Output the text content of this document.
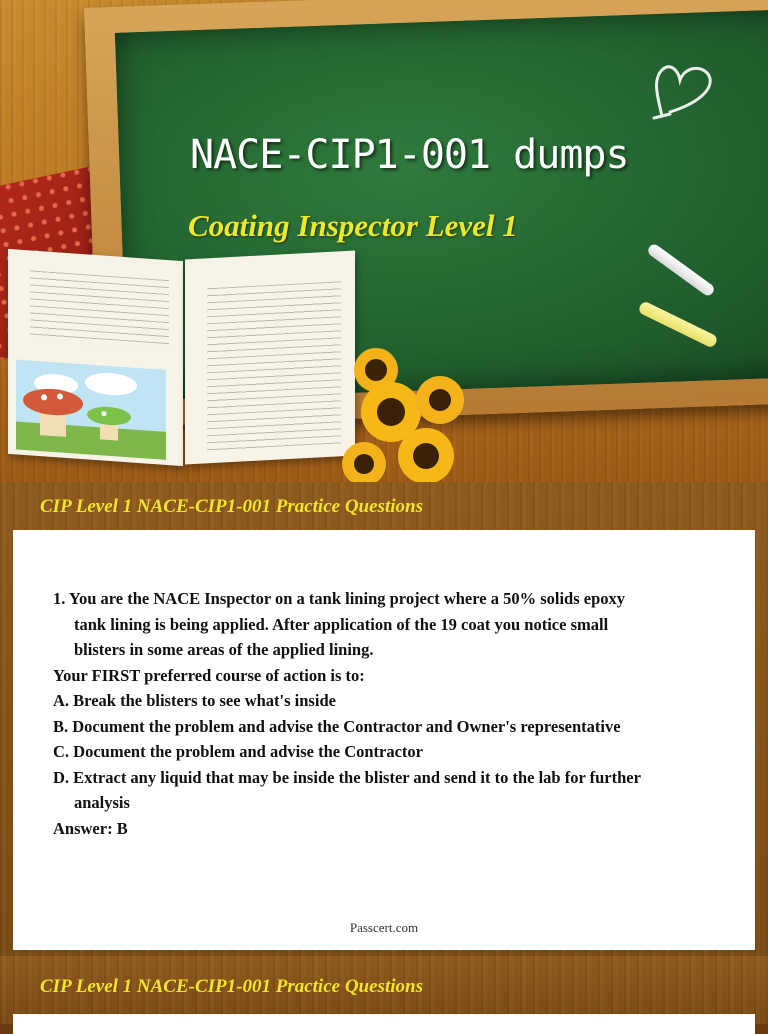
NACE-CIP1-001 dumps
Coating Inspector Level 1
CIP Level 1 NACE-CIP1-001 Practice Questions

1. You are the NACE Inspector on a tank lining project where a 50% solids epoxy

tank lining is being applied. After application of the 19 coat you notice small

blisters in some areas of the applied lining.

Your FIRST preferred course of action is to:

A. Break the blisters to see what's inside

B. Document the problem and advise the Contractor and Owner's representative

C. Document the problem and advise the Contractor

D. Extract any liquid that may be inside the blister and send it to the lab for further

analysis

Answer: B

Passcert.com
CIP Level 1 NACE-CIP1-001 Practice Questions
